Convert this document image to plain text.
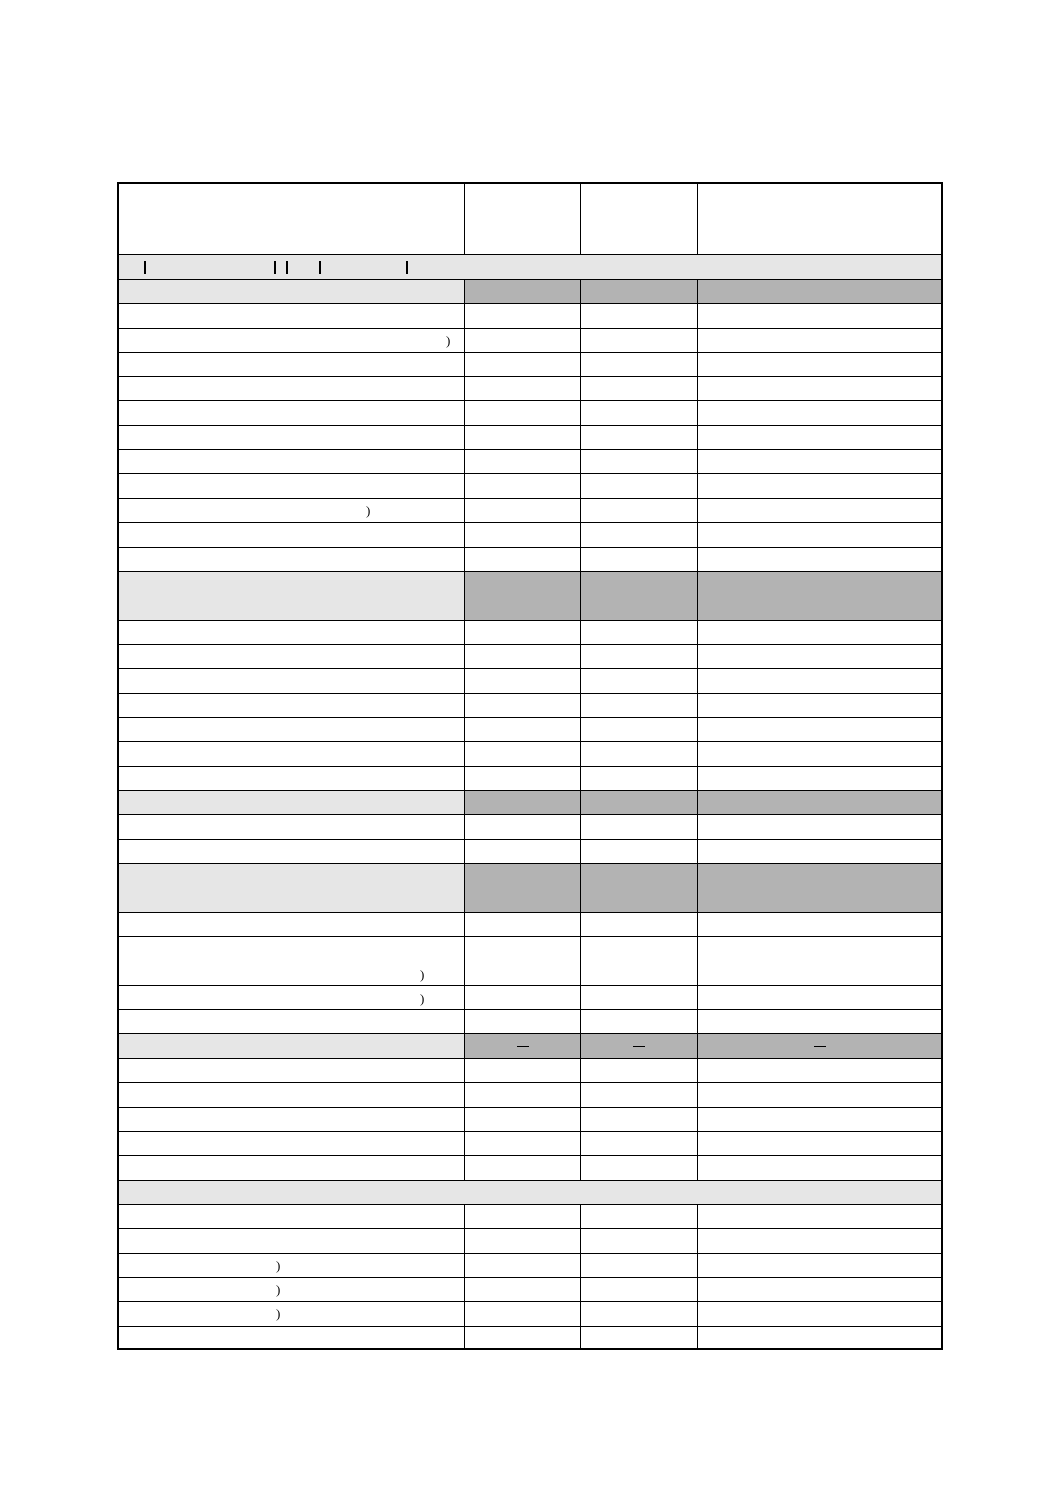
)
)
)
)
)
)
)
